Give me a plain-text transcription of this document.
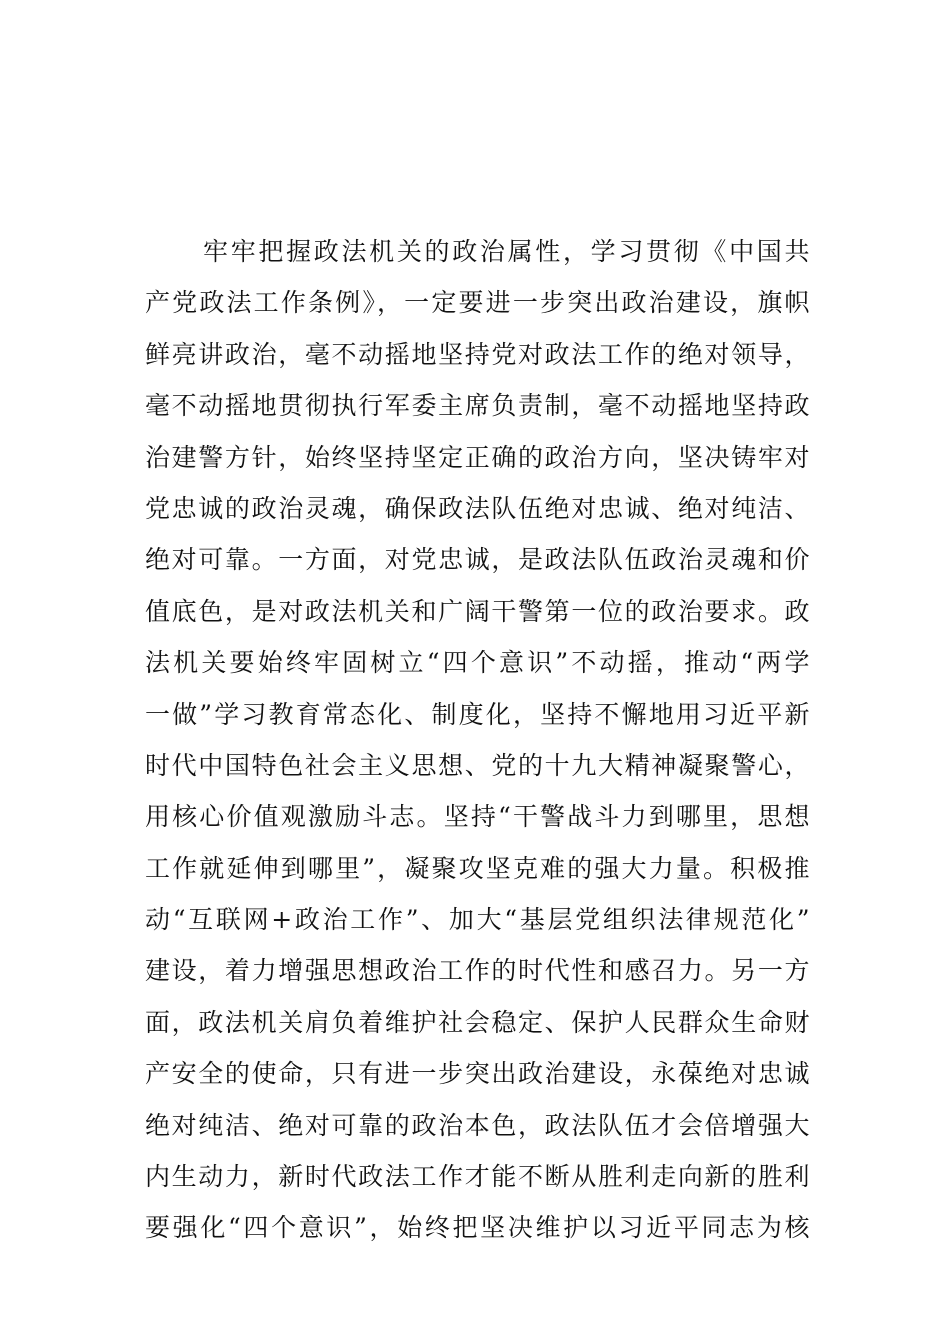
牢牢把握政法机关的政治属性，学习贯彻《中国共
产党政法工作条例》，一定要进一步突出政治建设，旗帜
鲜亮讲政治，毫不动摇地坚持党对政法工作的绝对领导，
毫不动摇地贯彻执行军委主席负责制，毫不动摇地坚持政
治建警方针，始终坚持坚定正确的政治方向，坚决铸牢对
党忠诚的政治灵魂，确保政法队伍绝对忠诚、绝对纯洁、
绝对可靠。一方面，对党忠诚，是政法队伍政治灵魂和价
值底色，是对政法机关和广阔干警第一位的政治要求。政
法机关要始终牢固树立“四个意识”不动摇，推动“两学
一做”学习教育常态化、制度化，坚持不懈地用习近平新
时代中国特色社会主义思想、党的十九大精神凝聚警心，
用核心价值观激励斗志。坚持“干警战斗力到哪里，思想
工作就延伸到哪里”，凝聚攻坚克难的强大力量。积极推
动“互联网+政治工作”、加大“基层党组织法律规范化”
建设，着力增强思想政治工作的时代性和感召力。另一方
面，政法机关肩负着维护社会稳定、保护人民群众生命财
产安全的使命，只有进一步突出政治建设，永葆绝对忠诚
绝对纯洁、绝对可靠的政治本色，政法队伍才会倍增强大
内生动力，新时代政法工作才能不断从胜利走向新的胜利
要强化“四个意识”，始终把坚决维护以习近平同志为核
